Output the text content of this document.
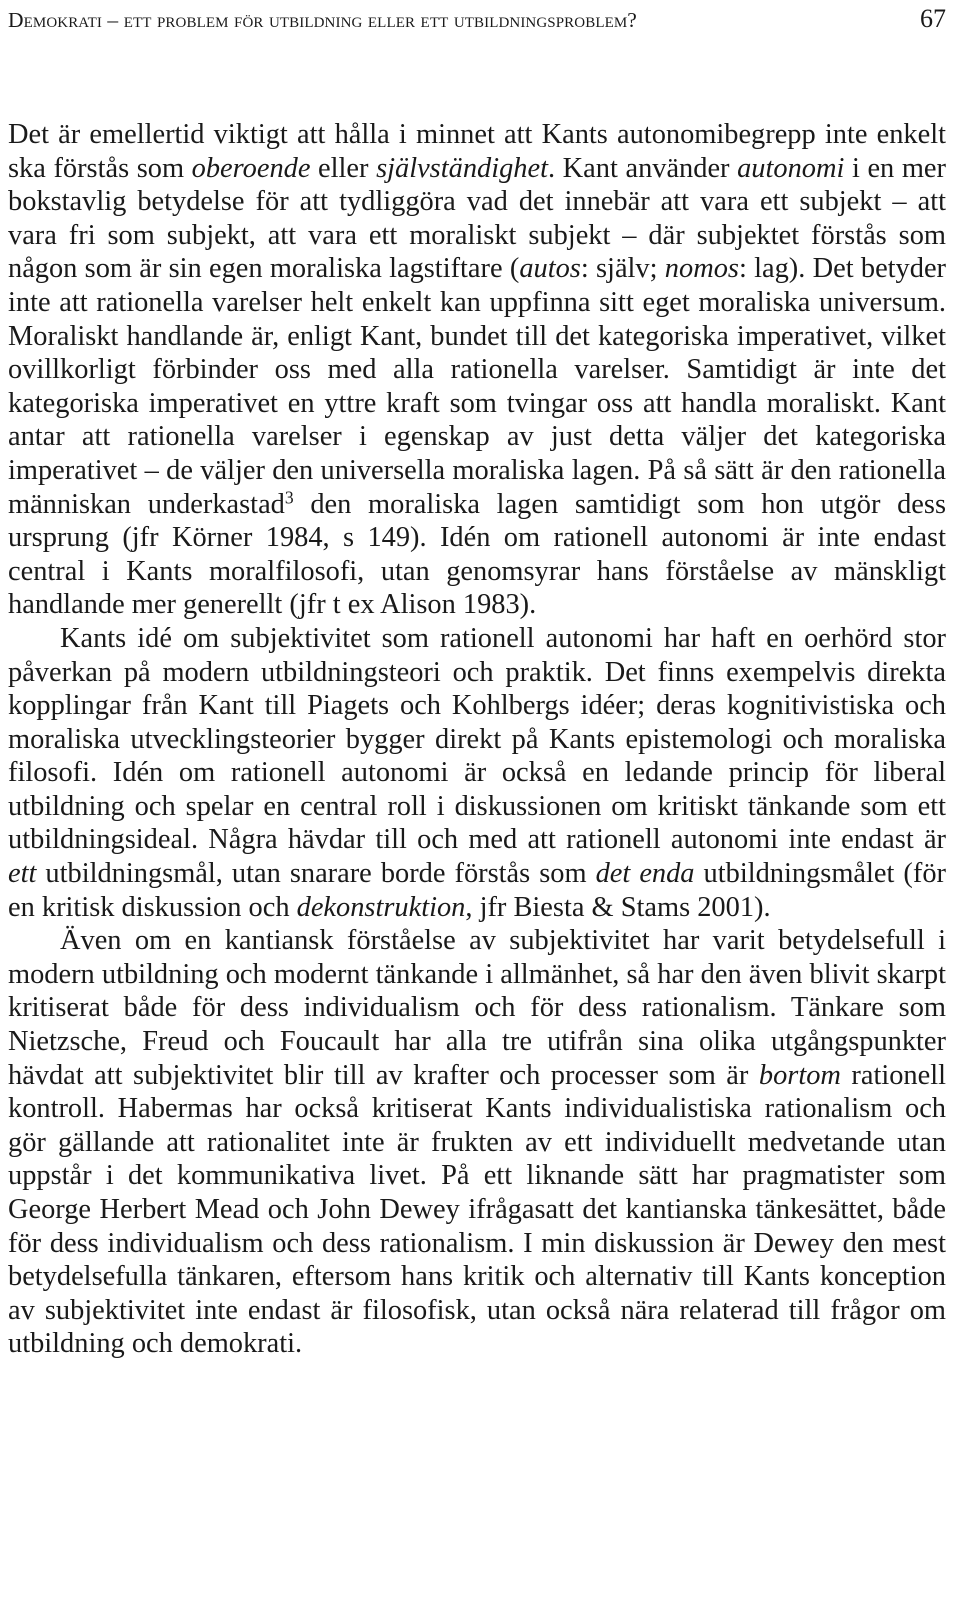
Demokrati – ett problem för utbildning eller ett utbildningsproblem?	67

Det är emellertid viktigt att hålla i minnet att Kants autonomibegrepp inte enkelt ska förstås som oberoende eller självständighet. Kant använder autonomi i en mer bokstavlig betydelse för att tydliggöra vad det innebär att vara ett subjekt – att vara fri som subjekt, att vara ett moraliskt subjekt – där subjektet förstås som någon som är sin egen moraliska lagstiftare (autos: själv; nomos: lag). Det betyder inte att rationella varelser helt enkelt kan uppfinna sitt eget moraliska universum. Moraliskt handlande är, enligt Kant, bundet till det kategoriska imperativet, vilket ovillkorligt förbinder oss med alla rationella varelser. Samtidigt är inte det kategoriska imperativet en yttre kraft som tvingar oss att handla moraliskt. Kant antar att rationella varelser i egenskap av just detta väljer det kategoriska imperativet – de väljer den universella moraliska lagen. På så sätt är den rationella människan underkastad$^3$ den moraliska lagen samtidigt som hon utgör dess ursprung (jfr Körner 1984, s 149). Idén om rationell autonomi är inte endast central i Kants moralfilosofi, utan genomsyrar hans förståelse av mänskligt handlande mer generellt (jfr t ex Alison 1983).

Kants idé om subjektivitet som rationell autonomi har haft en oerhörd stor påverkan på modern utbildningsteori och praktik. Det finns exempelvis direkta kopplingar från Kant till Piagets och Kohlbergs idéer; deras kognitivistiska och moraliska utvecklingsteorier bygger direkt på Kants epistemologi och moraliska filosofi. Idén om rationell autonomi är också en ledande princip för liberal utbildning och spelar en central roll i diskussionen om kritiskt tänkande som ett utbildningsideal. Några hävdar till och med att rationell autonomi inte endast är ett utbildningsmål, utan snarare borde förstås som det enda utbildningsmålet (för en kritisk diskussion och dekonstruktion, jfr Biesta & Stams 2001).

Även om en kantiansk förståelse av subjektivitet har varit betydelsefull i modern utbildning och modernt tänkande i allmänhet, så har den även blivit skarpt kritiserat både för dess individualism och för dess rationalism. Tänkare som Nietzsche, Freud och Foucault har alla tre utifrån sina olika utgångspunkter hävdat att subjektivitet blir till av krafter och processer som är bortom rationell kontroll. Habermas har också kritiserat Kants individualistiska rationalism och gör gällande att rationalitet inte är frukten av ett individuellt medvetande utan uppstår i det kommunikativa livet. På ett liknande sätt har pragmatister som George Herbert Mead och John Dewey ifrågasatt det kantianska tänkesättet, både för dess individualism och dess rationalism. I min diskussion är Dewey den mest betydelsefulla tänkaren, eftersom hans kritik och alternativ till Kants konception av subjektivitet inte endast är filosofisk, utan också nära relaterad till frågor om utbildning och demokrati.
